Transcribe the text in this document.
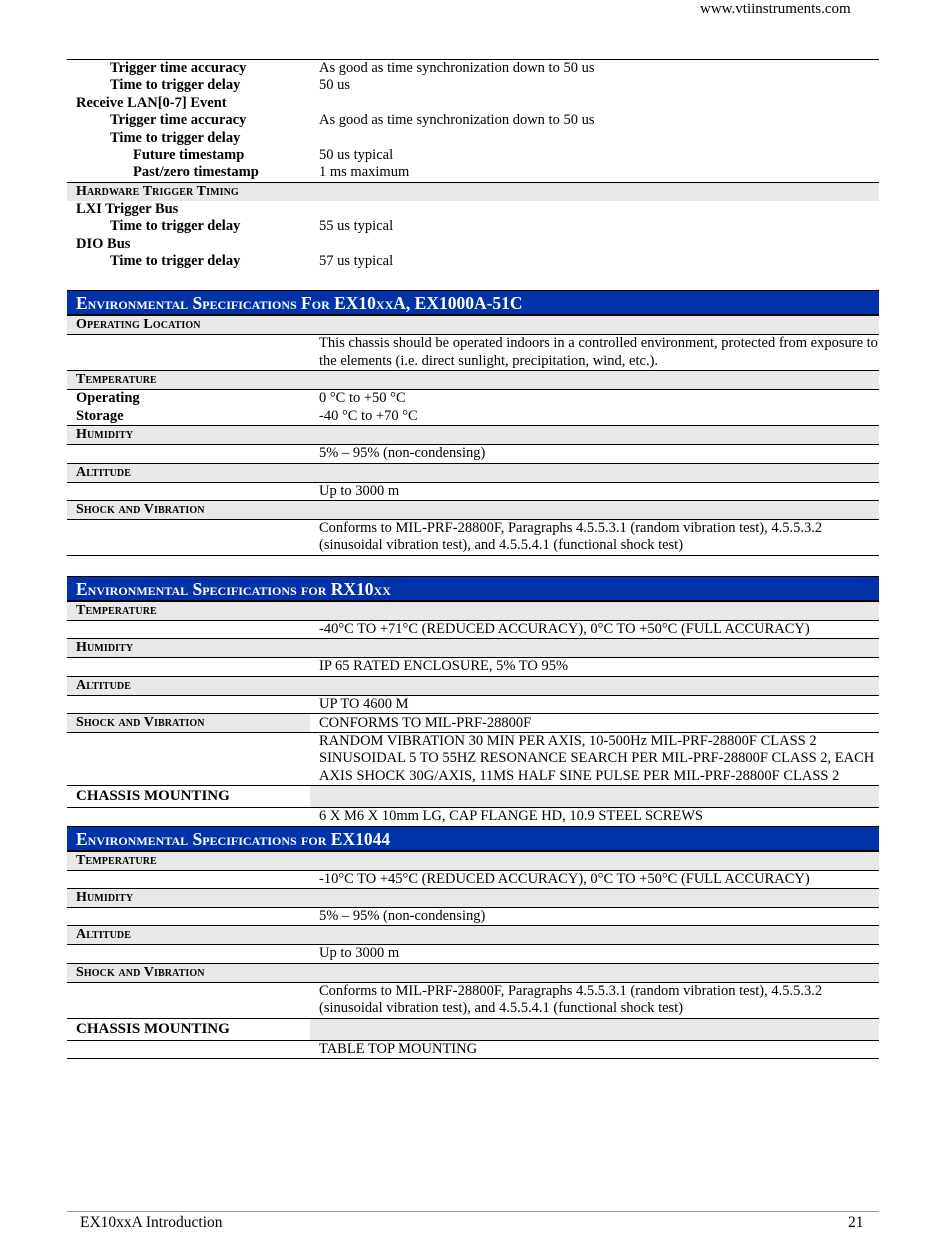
www.vtiinstruments.com
Trigger time accuracy	As good as time synchronization down to 50 us
Time to trigger delay	50 us
Receive LAN[0-7] Event	
Trigger time accuracy	As good as time synchronization down to 50 us
Time to trigger delay	
Future timestamp	50 us typical
Past/zero timestamp	1 ms maximum
Hardware Trigger Timing	
LXI Trigger Bus	
Time to trigger delay	55 us typical
DIO Bus	
Time to trigger delay	57 us typical
Environmental Specifications For EX10xxA, EX1000A-51C
Operating Location	
	This chassis should be operated indoors in a controlled environment, protected from exposure to the elements (i.e. direct sunlight, precipitation, wind, etc.).
Temperature	
Operating	0 °C to +50 °C
Storage	-40 °C to +70 °C
Humidity	
	5% – 95% (non-condensing)
Altitude	
	Up to 3000 m
Shock and Vibration	
	Conforms to MIL-PRF-28800F, Paragraphs 4.5.5.3.1 (random vibration test), 4.5.5.3.2 (sinusoidal vibration test), and 4.5.5.4.1 (functional shock test)
Environmental Specifications for RX10xx
Temperature	
	-40°C TO +71°C (REDUCED ACCURACY), 0°C TO +50°C (FULL ACCURACY)
Humidity	
	IP 65 RATED ENCLOSURE, 5% TO 95%
Altitude	
	UP TO 4600 M
Shock and Vibration	CONFORMS TO MIL-PRF-28800F
	RANDOM VIBRATION 30 MIN PER AXIS, 10-500Hz MIL-PRF-28800F CLASS 2 SINUSOIDAL 5 TO 55HZ RESONANCE SEARCH PER MIL-PRF-28800F CLASS 2, EACH AXIS SHOCK 30G/AXIS, 11MS HALF SINE PULSE PER MIL-PRF-28800F CLASS 2
CHASSIS MOUNTING	
	6 X M6 X 10mm LG, CAP FLANGE HD, 10.9 STEEL SCREWS
Environmental Specifications for EX1044
Temperature	
	-10°C TO +45°C (REDUCED ACCURACY), 0°C TO +50°C (FULL ACCURACY)
Humidity	
	5% – 95% (non-condensing)
Altitude	
	Up to 3000 m
Shock and Vibration	
	Conforms to MIL-PRF-28800F, Paragraphs 4.5.5.3.1 (random vibration test), 4.5.5.3.2 (sinusoidal vibration test), and 4.5.5.4.1 (functional shock test)
CHASSIS MOUNTING	
	TABLE TOP MOUNTING
EX10xxA Introduction	21
